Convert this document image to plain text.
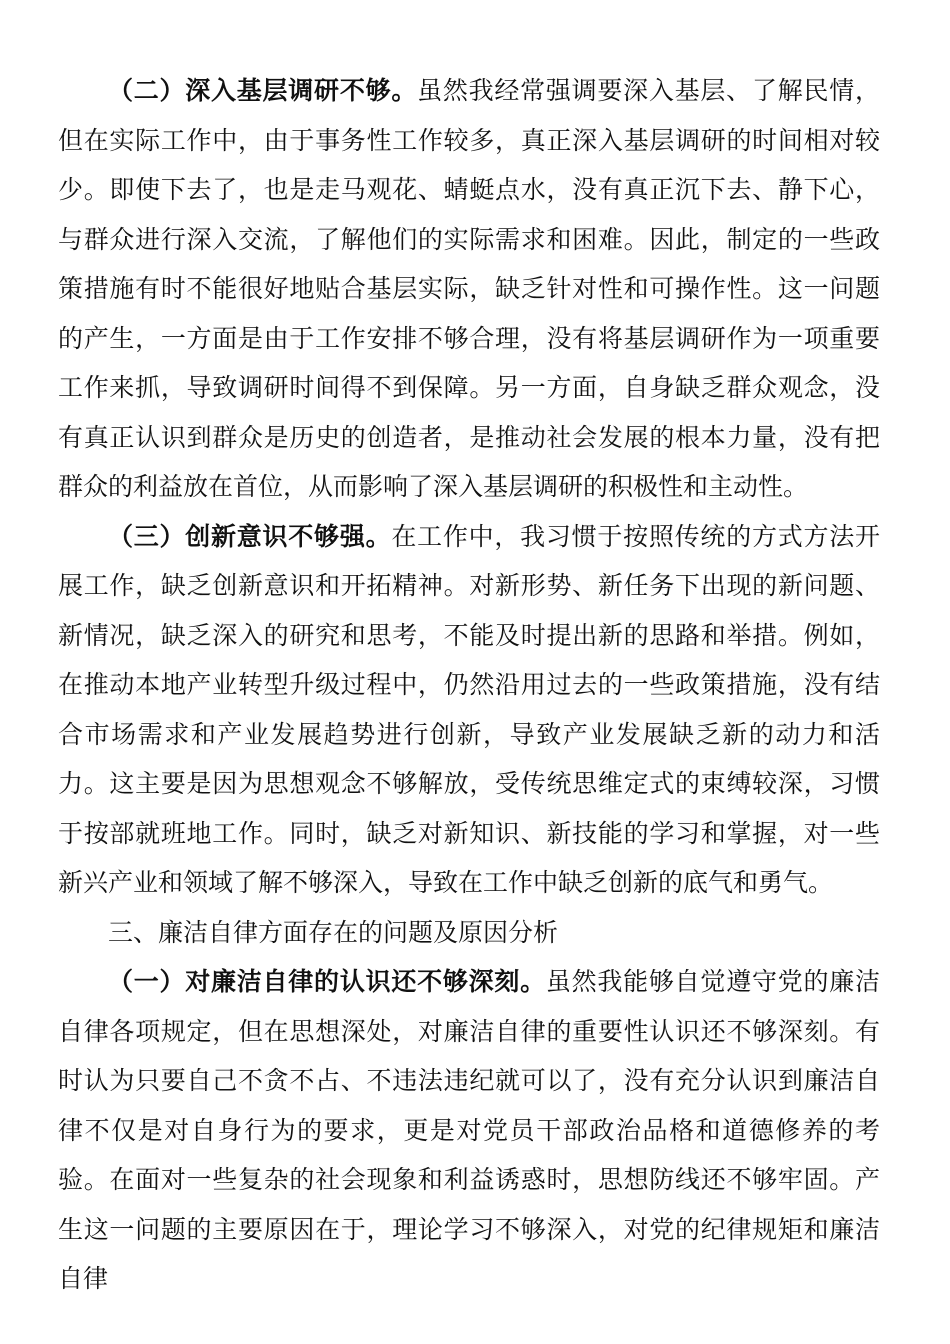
（二）深入基层调研不够。虽然我经常强调要深入基层、了解民情，但在实际工作中，由于事务性工作较多，真正深入基层调研的时间相对较少。即使下去了，也是走马观花、蜻蜓点水，没有真正沉下去、静下心，与群众进行深入交流，了解他们的实际需求和困难。因此，制定的一些政策措施有时不能很好地贴合基层实际，缺乏针对性和可操作性。这一问题的产生，一方面是由于工作安排不够合理，没有将基层调研作为一项重要工作来抓，导致调研时间得不到保障。另一方面，自身缺乏群众观念，没有真正认识到群众是历史的创造者，是推动社会发展的根本力量，没有把群众的利益放在首位，从而影响了深入基层调研的积极性和主动性。

（三）创新意识不够强。在工作中，我习惯于按照传统的方式方法开展工作，缺乏创新意识和开拓精神。对新形势、新任务下出现的新问题、新情况，缺乏深入的研究和思考，不能及时提出新的思路和举措。例如，在推动本地产业转型升级过程中，仍然沿用过去的一些政策措施，没有结合市场需求和产业发展趋势进行创新，导致产业发展缺乏新的动力和活力。这主要是因为思想观念不够解放，受传统思维定式的束缚较深，习惯于按部就班地工作。同时，缺乏对新知识、新技能的学习和掌握，对一些新兴产业和领域了解不够深入，导致在工作中缺乏创新的底气和勇气。

三、廉洁自律方面存在的问题及原因分析

（一）对廉洁自律的认识还不够深刻。虽然我能够自觉遵守党的廉洁自律各项规定，但在思想深处，对廉洁自律的重要性认识还不够深刻。有时认为只要自己不贪不占、不违法违纪就可以了，没有充分认识到廉洁自律不仅是对自身行为的要求，更是对党员干部政治品格和道德修养的考验。在面对一些复杂的社会现象和利益诱惑时，思想防线还不够牢固。产生这一问题的主要原因在于，理论学习不够深入，对党的纪律规矩和廉洁自律
